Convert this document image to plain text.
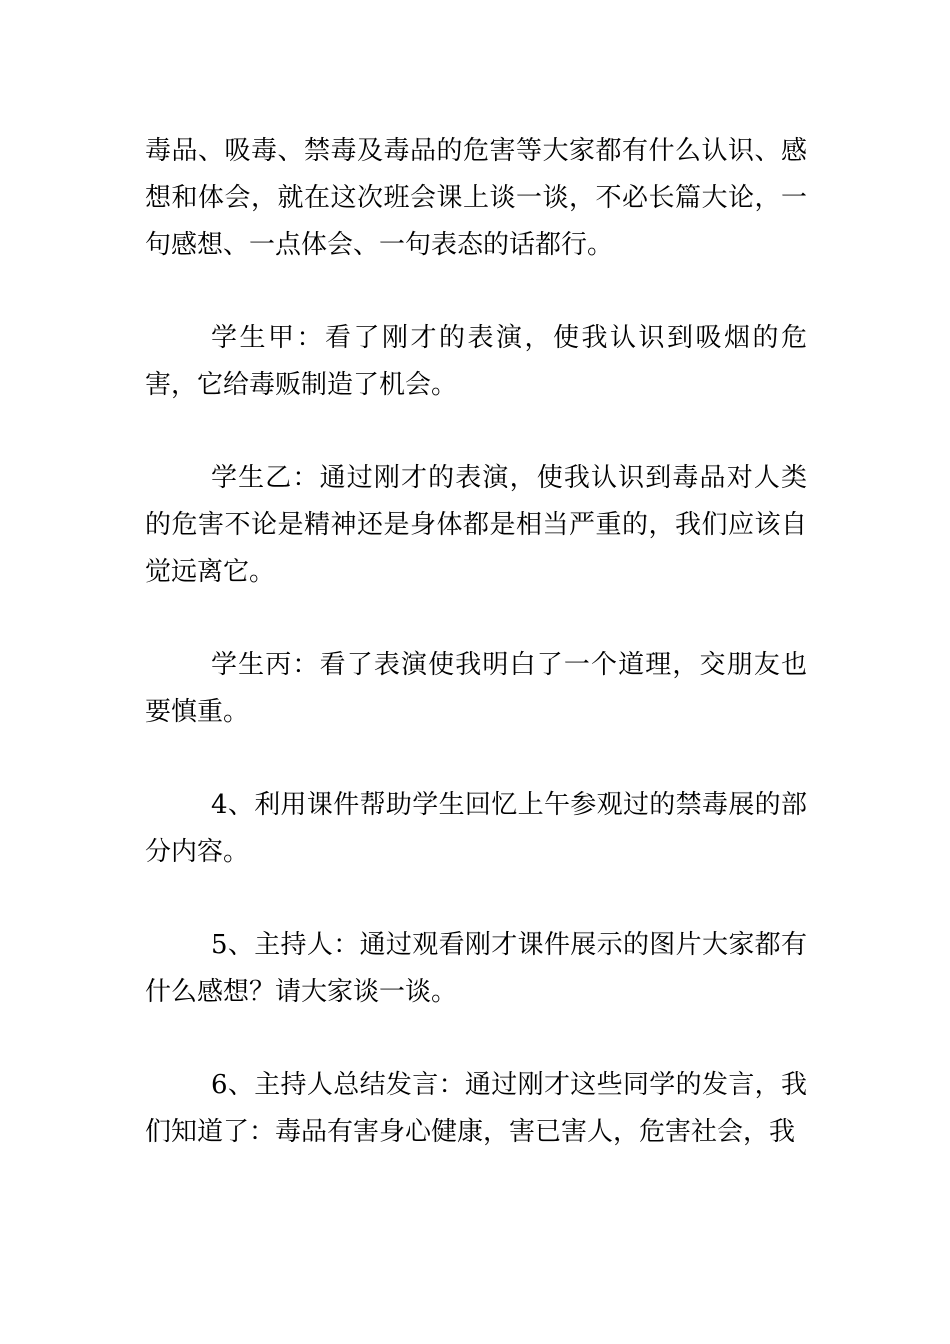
毒品、吸毒、禁毒及毒品的危害等大家都有什么认识、感想和体会，就在这次班会课上谈一谈，不必长篇大论，一句感想、一点体会、一句表态的话都行。

学生甲：看了刚才的表演，使我认识到吸烟的危害，它给毒贩制造了机会。

学生乙：通过刚才的表演，使我认识到毒品对人类的危害不论是精神还是身体都是相当严重的，我们应该自觉远离它。

学生丙：看了表演使我明白了一个道理，交朋友也要慎重。

4、利用课件帮助学生回忆上午参观过的禁毒展的部分内容。

5、主持人：通过观看刚才课件展示的图片大家都有什么感想？请大家谈一谈。

6、主持人总结发言：通过刚才这些同学的发言，我们知道了：毒品有害身心健康，害已害人，危害社会，我
